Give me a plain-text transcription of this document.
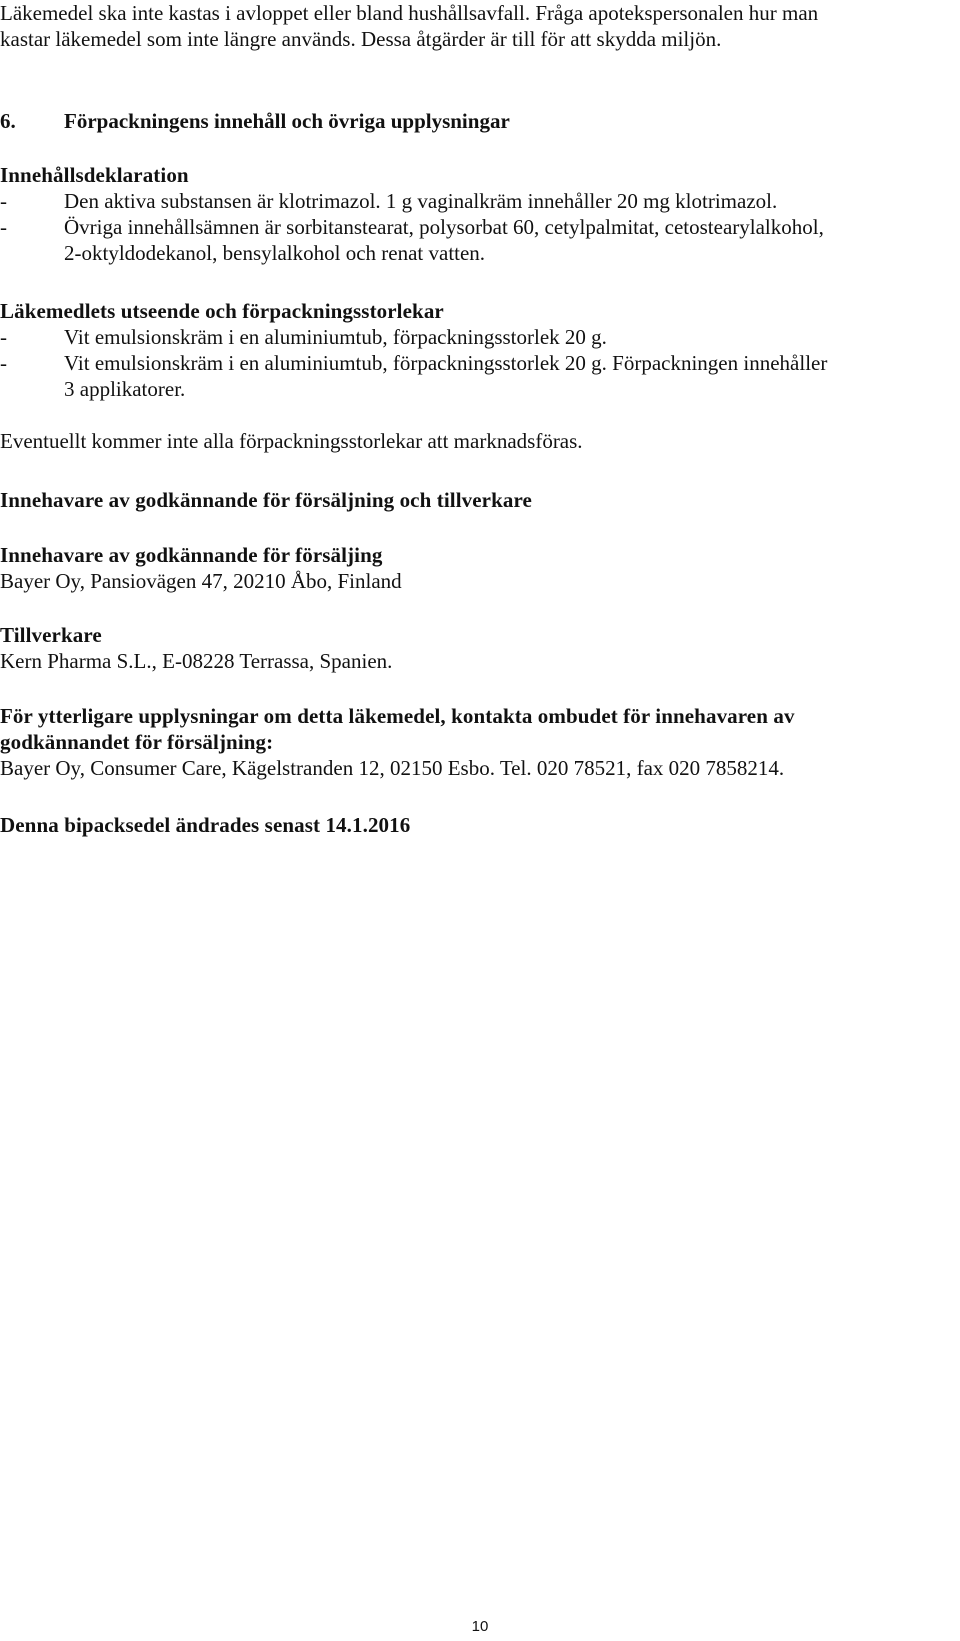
Läkemedel ska inte kastas i avloppet eller bland hushållsavfall. Fråga apotekspersonalen hur man
kastar läkemedel som inte längre används. Dessa åtgärder är till för att skydda miljön.
6.	Förpackningens innehåll och övriga upplysningar
Innehållsdeklaration
-	Den aktiva substansen är klotrimazol. 1 g vaginalkräm innehåller 20 mg klotrimazol.
-	Övriga innehållsämnen är sorbitanstearat, polysorbat 60, cetylpalmitat, cetostearylalkohol,
2-oktyldodekanol, bensylalkohol och renat vatten.
Läkemedlets utseende och förpackningsstorlekar
-	Vit emulsionskräm i en aluminiumtub, förpackningsstorlek 20 g.
-	Vit emulsionskräm i en aluminiumtub, förpackningsstorlek 20 g. Förpackningen innehåller
3 applikatorer.
Eventuellt kommer inte alla förpackningsstorlekar att marknadsföras.
Innehavare av godkännande för försäljning och tillverkare
Innehavare av godkännande för försäljing
Bayer Oy, Pansiovägen 47, 20210 Åbo, Finland
Tillverkare
Kern Pharma S.L., E-08228 Terrassa, Spanien.
För ytterligare upplysningar om detta läkemedel, kontakta ombudet för innehavaren av
godkännandet för försäljning:
Bayer Oy, Consumer Care, Kägelstranden 12, 02150 Esbo. Tel. 020 78521, fax 020 7858214.
Denna bipacksedel ändrades senast 14.1.2016
10
